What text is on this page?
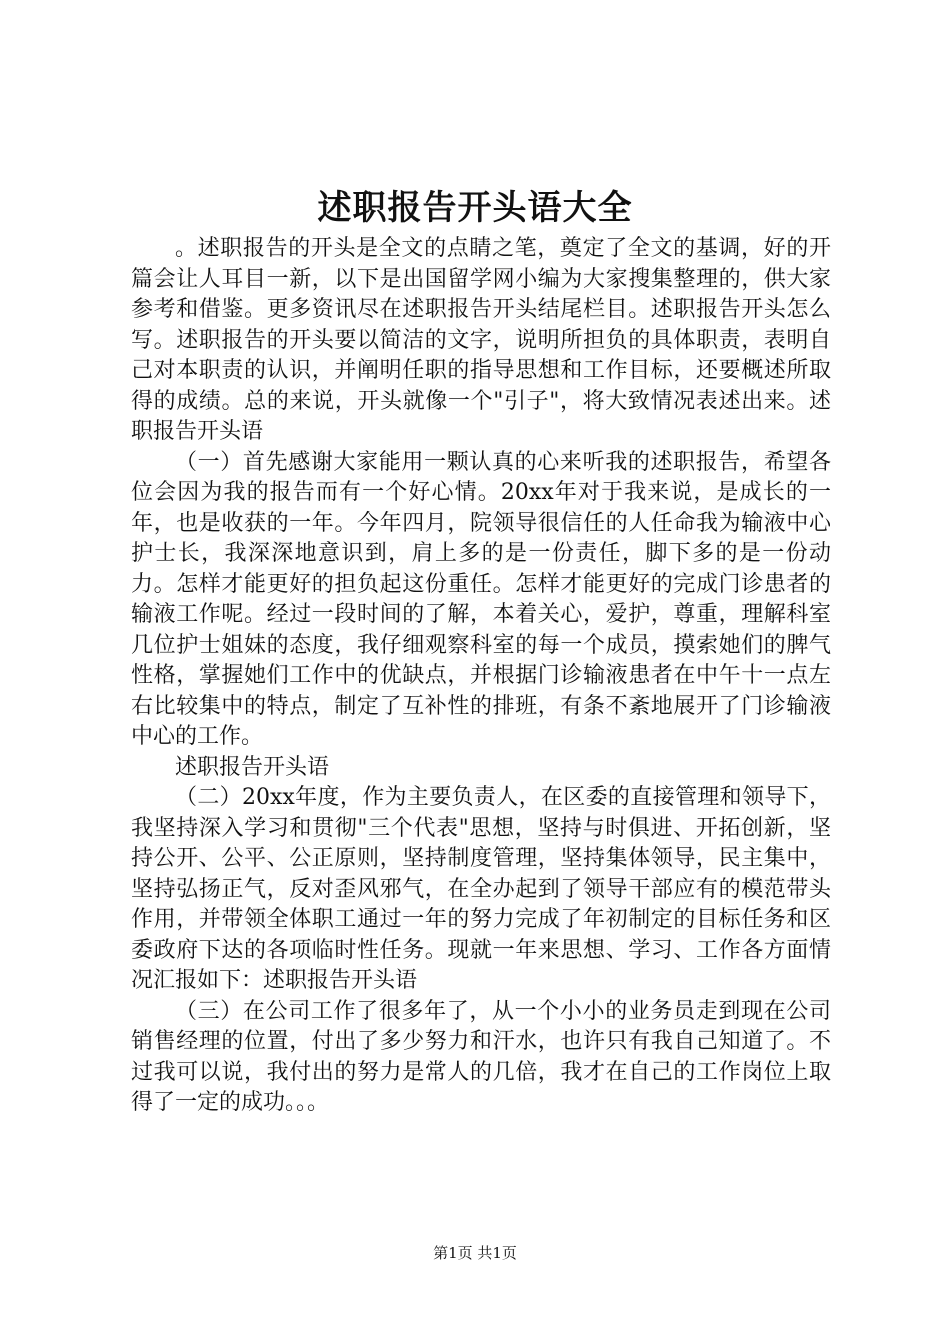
述职报告开头语大全

。述职报告的开头是全文的点睛之笔，奠定了全文的基调，好的开篇会让人耳目一新，以下是出国留学网小编为大家搜集整理的，供大家参考和借鉴。更多资讯尽在述职报告开头结尾栏目。述职报告开头怎么写。述职报告的开头要以简洁的文字，说明所担负的具体职责，表明自己对本职责的认识，并阐明任职的指导思想和工作目标，还要概述所取得的成绩。总的来说，开头就像一个"引子"，将大致情况表述出来。述职报告开头语

（一）首先感谢大家能用一颗认真的心来听我的述职报告，希望各位会因为我的报告而有一个好心情。20xx年对于我来说，是成长的一年，也是收获的一年。今年四月，院领导很信任的人任命我为输液中心护士长，我深深地意识到，肩上多的是一份责任，脚下多的是一份动力。怎样才能更好的担负起这份重任。怎样才能更好的完成门诊患者的输液工作呢。经过一段时间的了解，本着关心，爱护，尊重，理解科室几位护士姐妹的态度，我仔细观察科室的每一个成员，摸索她们的脾气性格，掌握她们工作中的优缺点，并根据门诊输液患者在中午十一点左右比较集中的特点，制定了互补性的排班，有条不紊地展开了门诊输液中心的工作。

述职报告开头语

（二）20xx年度，作为主要负责人，在区委的直接管理和领导下，我坚持深入学习和贯彻"三个代表"思想，坚持与时俱进、开拓创新，坚持公开、公平、公正原则，坚持制度管理，坚持集体领导，民主集中，坚持弘扬正气，反对歪风邪气，在全办起到了领导干部应有的模范带头作用，并带领全体职工通过一年的努力完成了年初制定的目标任务和区委政府下达的各项临时性任务。现就一年来思想、学习、工作各方面情况汇报如下：述职报告开头语

（三）在公司工作了很多年了，从一个小小的业务员走到现在公司销售经理的位置，付出了多少努力和汗水，也许只有我自己知道了。不过我可以说，我付出的努力是常人的几倍，我才在自己的工作岗位上取得了一定的成功。。。

第1页 共1页
